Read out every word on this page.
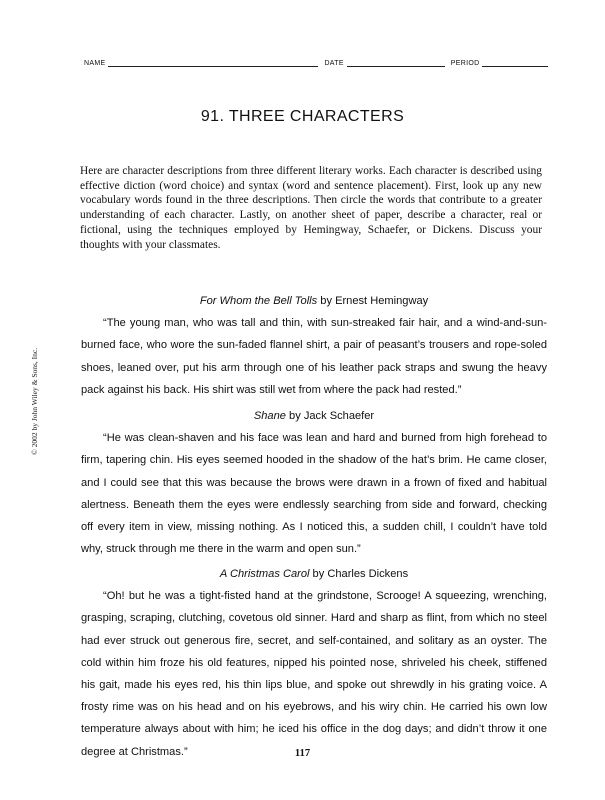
NAME	DATE	PERIOD
91. THREE CHARACTERS
Here are character descriptions from three different literary works. Each character is described using effective diction (word choice) and syntax (word and sentence placement). First, look up any new vocabulary words found in the three descriptions. Then circle the words that contribute to a greater understanding of each character. Lastly, on another sheet of paper, describe a character, real or fictional, using the techniques employed by Hemingway, Schaefer, or Dickens. Discuss your thoughts with your classmates.
For Whom the Bell Tolls by Ernest Hemingway
“The young man, who was tall and thin, with sun-streaked fair hair, and a wind-and-sun-burned face, who wore the sun-faded flannel shirt, a pair of peasant’s trousers and rope-soled shoes, leaned over, put his arm through one of his leather pack straps and swung the heavy pack against his back. His shirt was still wet from where the pack had rested.”
Shane by Jack Schaefer
“He was clean-shaven and his face was lean and hard and burned from high forehead to firm, tapering chin. His eyes seemed hooded in the shadow of the hat’s brim. He came closer, and I could see that this was because the brows were drawn in a frown of fixed and habitual alertness. Beneath them the eyes were endlessly searching from side and forward, checking off every item in view, missing nothing. As I noticed this, a sudden chill, I couldn’t have told why, struck through me there in the warm and open sun.”
A Christmas Carol by Charles Dickens
“Oh! but he was a tight-fisted hand at the grindstone, Scrooge! A squeezing, wrenching, grasping, scraping, clutching, covetous old sinner. Hard and sharp as flint, from which no steel had ever struck out generous fire, secret, and self-contained, and solitary as an oyster. The cold within him froze his old features, nipped his pointed nose, shriveled his cheek, stiffened his gait, made his eyes red, his thin lips blue, and spoke out shrewdly in his grating voice. A frosty rime was on his head and on his eyebrows, and his wiry chin. He carried his own low temperature always about with him; he iced his office in the dog days; and didn’t throw it one degree at Christmas.”
© 2002 by John Wiley & Sons, Inc.
117
